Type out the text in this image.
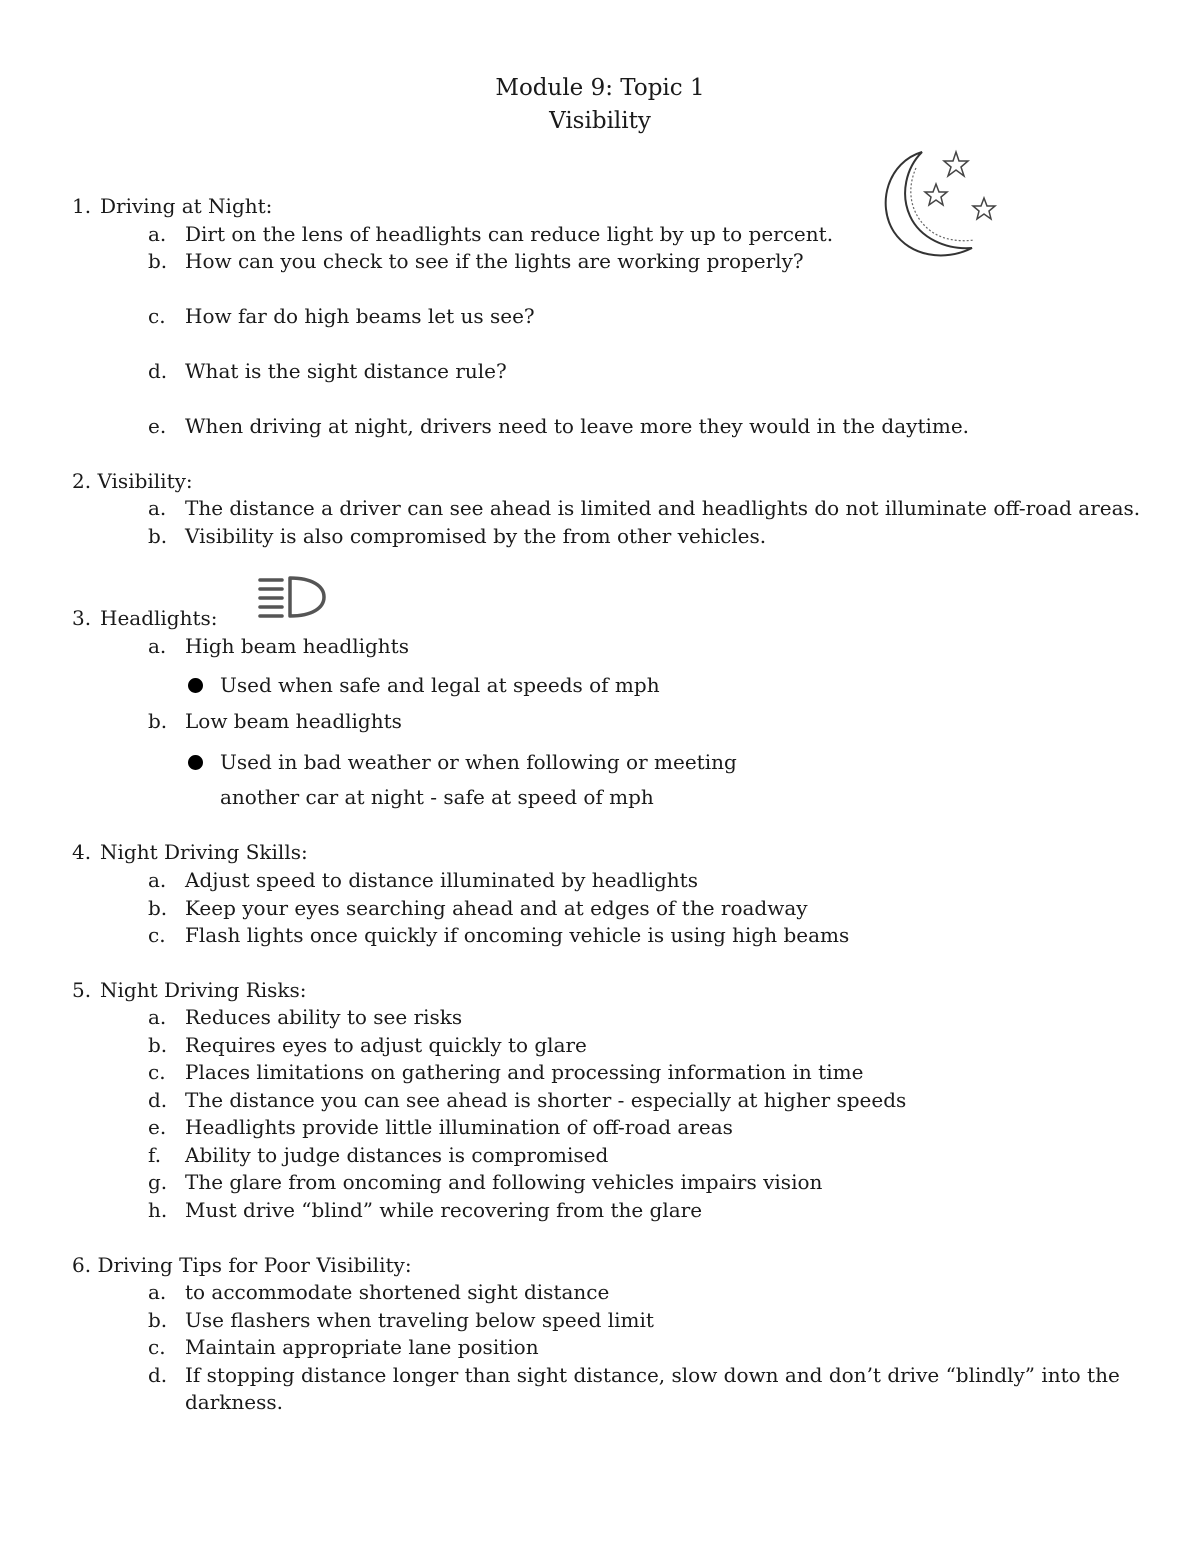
Module 9: Topic 1
Visibility
1. Driving at Night:
a. Dirt on the lens of headlights can reduce light by up to percent.
b. How can you check to see if the lights are working properly?
c. How far do high beams let us see?
d. What is the sight distance rule?
e. When driving at night, drivers need to leave more they would in the daytime.
2. Visibility:
a. The distance a driver can see ahead is limited and headlights do not illuminate off-road areas.
b. Visibility is also compromised by the from other vehicles.
3. Headlights:
a. High beam headlights
Used when safe and legal at speeds of mph
b. Low beam headlights
Used in bad weather or when following or meeting
another car at night - safe at speed of mph
4. Night Driving Skills:
a. Adjust speed to distance illuminated by headlights
b. Keep your eyes searching ahead and at edges of the roadway
c. Flash lights once quickly if oncoming vehicle is using high beams
5. Night Driving Risks:
a. Reduces ability to see risks
b. Requires eyes to adjust quickly to glare
c. Places limitations on gathering and processing information in time
d. The distance you can see ahead is shorter - especially at higher speeds
e. Headlights provide little illumination of off-road areas
f. Ability to judge distances is compromised
g. The glare from oncoming and following vehicles impairs vision
h. Must drive “blind” while recovering from the glare
6. Driving Tips for Poor Visibility:
a. to accommodate shortened sight distance
b. Use flashers when traveling below speed limit
c. Maintain appropriate lane position
d. If stopping distance longer than sight distance, slow down and don’t drive “blindly” into the
darkness.
